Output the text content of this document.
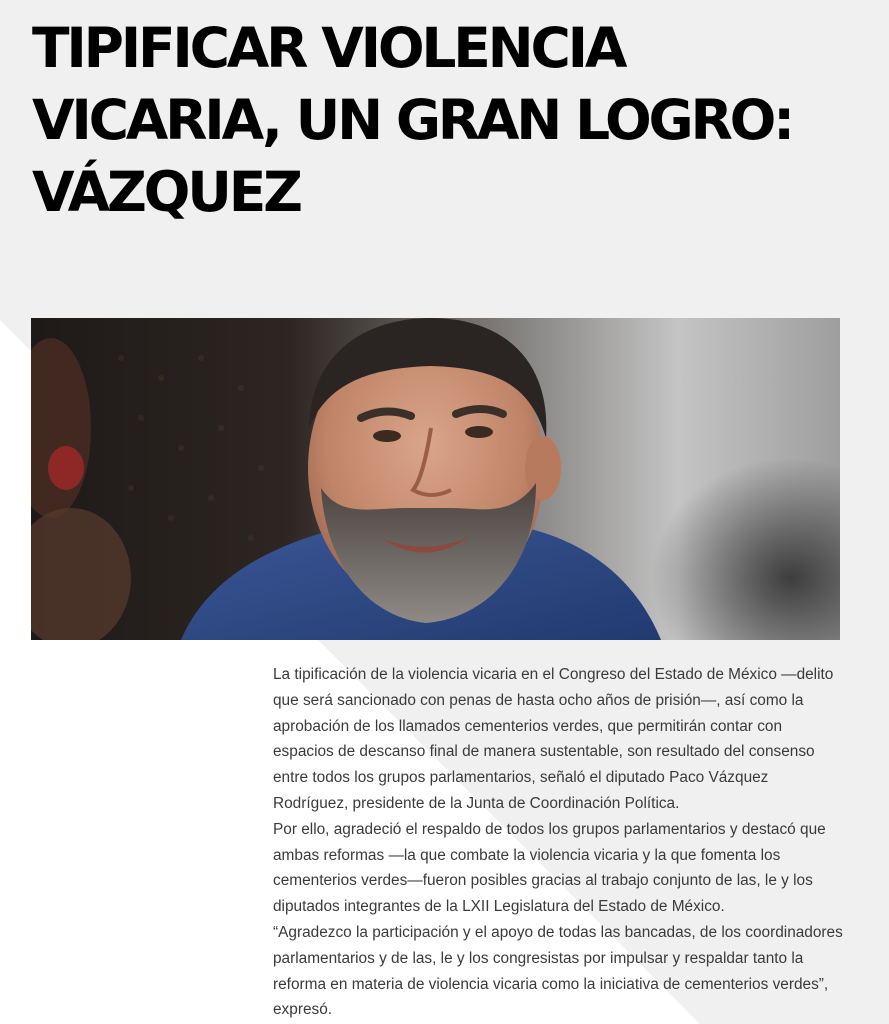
TIPIFICAR VIOLENCIA VICARIA, UN GRAN LOGRO: VÁZQUEZ

La tipificación de la violencia vicaria en el Congreso del Estado de México —delito que será sancionado con penas de hasta ocho años de prisión—, así como la aprobación de los llamados cementerios verdes, que permitirán contar con espacios de descanso final de manera sustentable, son resultado del consenso entre todos los grupos parlamentarios, señaló el diputado Paco Vázquez Rodríguez, presidente de la Junta de Coordinación Política.

Por ello, agradeció el respaldo de todos los grupos parlamentarios y destacó que ambas reformas —la que combate la violencia vicaria y la que fomenta los cementerios verdes—fueron posibles gracias al trabajo conjunto de las, le y los diputados integrantes de la LXII Legislatura del Estado de México.

“Agradezco la participación y el apoyo de todas las bancadas, de los coordinadores parlamentarios y de las, le y los congresistas por impulsar y respaldar tanto la reforma en materia de violencia vicaria como la iniciativa de cementerios verdes”, expresó.
